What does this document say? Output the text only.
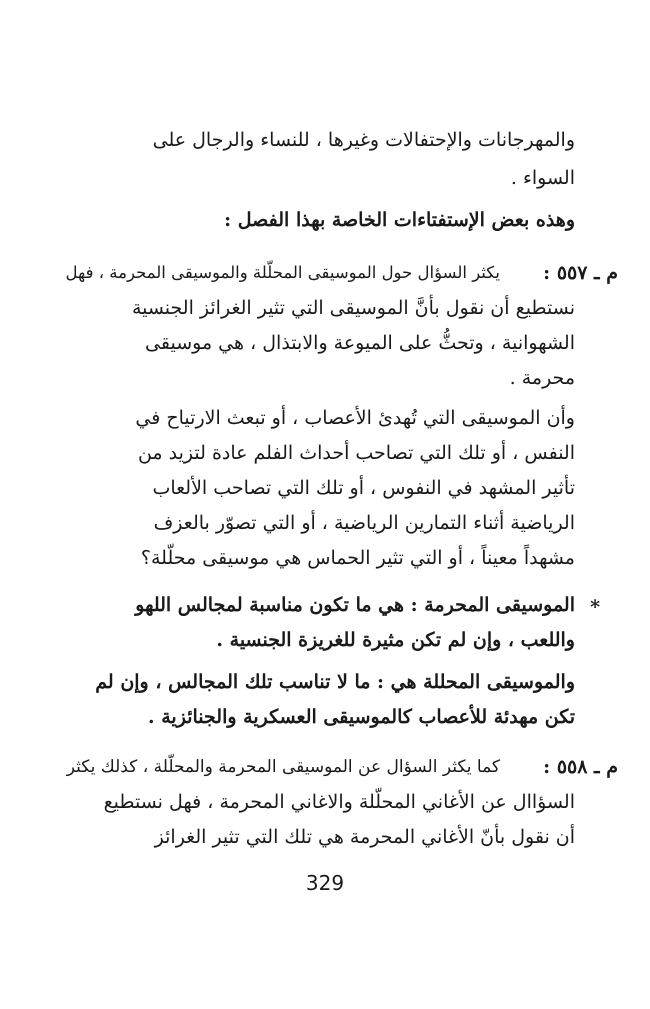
والمهرجانات والإحتفالات وغيرها ، للنساء والرجال على
السواء .
وهذه بعض الإستفتاءات الخاصة بهذا الفصل :
م ـ ٥٥٧ :
يكثر السؤال حول الموسيقى المحلّلة والموسيقى المحرمة ، فهل
نستطيع أن نقول بأنَّ الموسيقى التي تثير الغرائز الجنسية
الشهوانية ، وتحثُّ على الميوعة والابتذال ، هي موسيقى
محرمة .
وأن الموسيقى التي تُهدئ الأعصاب ، أو تبعث الارتياح في
النفس ، أو تلك التي تصاحب أحداث الفلم عادة لتزيد من
تأثير المشهد في النفوس ، أو تلك التي تصاحب الألعاب
الرياضية أثناء التمارين الرياضية ، أو التي تصوّر بالعزف
مشهداً معيناً ، أو التي تثير الحماس هي موسيقى محلّلة؟
*
الموسيقى المحرمة : هي ما تكون مناسبة لمجالس اللهو
واللعب ، وإن لم تكن مثيرة للغريزة الجنسية .
والموسيقى المحللة هي : ما لا تناسب تلك المجالس ، وإن لم
تكن مهدئة للأعصاب كالموسيقى العسكرية والجنائزية .
م ـ ٥٥٨ :
كما يكثر السؤال عن الموسيقى المحرمة والمحلّلة ، كذلك يكثر
السؤاال عن الأغاني المحلّلة والاغاني المحرمة ، فهل نستطيع
أن نقول بأنّ الأغاني المحرمة هي تلك التي تثير الغرائز
329
